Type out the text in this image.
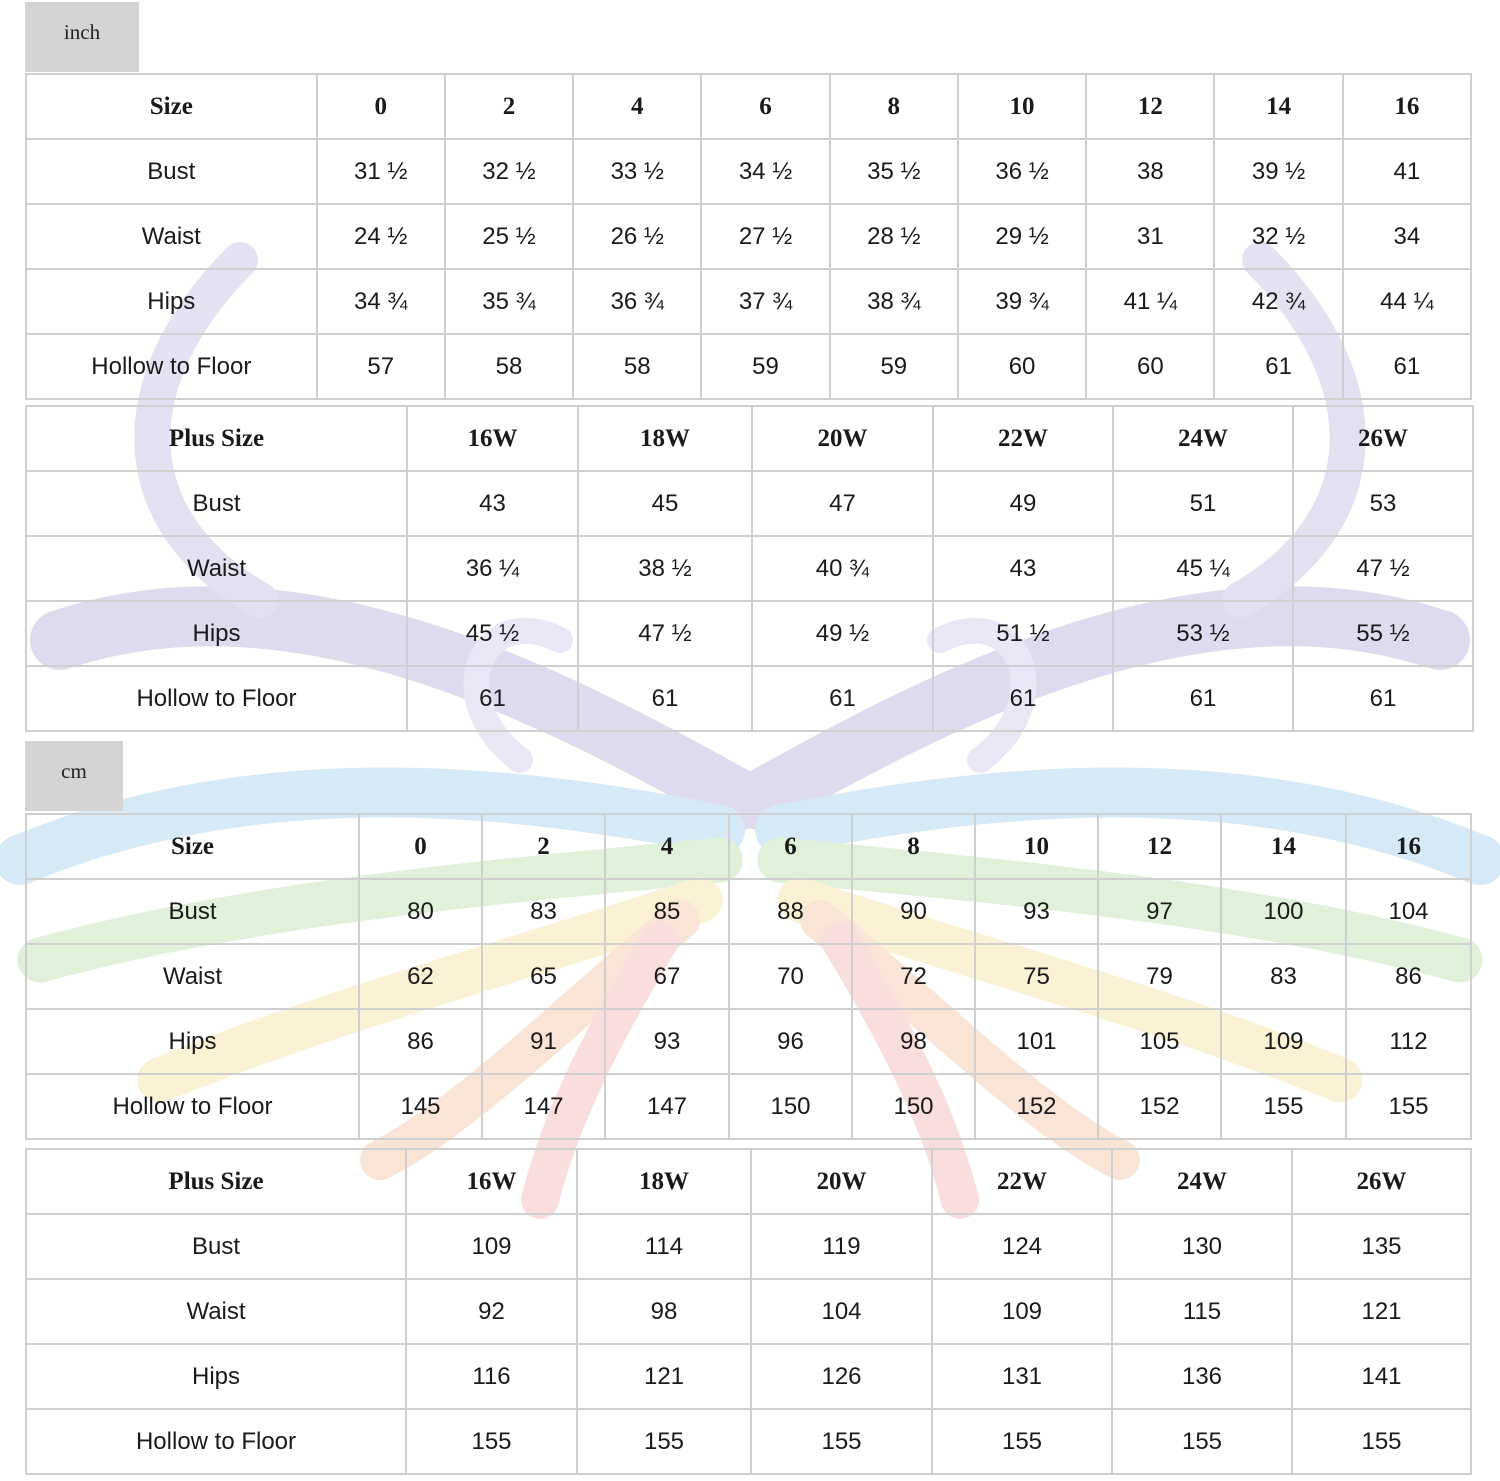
inch
cm
Size	0	2	4	6	8	10	12	14	16
Bust	31 ½	32 ½	33 ½	34 ½	35 ½	36 ½	38	39 ½	41
Waist	24 ½	25 ½	26 ½	27 ½	28 ½	29 ½	31	32 ½	34
Hips	34 ¾	35 ¾	36 ¾	37 ¾	38 ¾	39 ¾	41 ¼	42 ¾	44 ¼
Hollow to Floor	57	58	58	59	59	60	60	61	61
Plus Size	16W	18W	20W	22W	24W	26W
Bust	43	45	47	49	51	53
Waist	36 ¼	38 ½	40 ¾	43	45 ¼	47 ½
Hips	45 ½	47 ½	49 ½	51 ½	53 ½	55 ½
Hollow to Floor	61	61	61	61	61	61
Size	0	2	4	6	8	10	12	14	16
Bust	80	83	85	88	90	93	97	100	104
Waist	62	65	67	70	72	75	79	83	86
Hips	86	91	93	96	98	101	105	109	112
Hollow to Floor	145	147	147	150	150	152	152	155	155
Plus Size	16W	18W	20W	22W	24W	26W
Bust	109	114	119	124	130	135
Waist	92	98	104	109	115	121
Hips	116	121	126	131	136	141
Hollow to Floor	155	155	155	155	155	155
